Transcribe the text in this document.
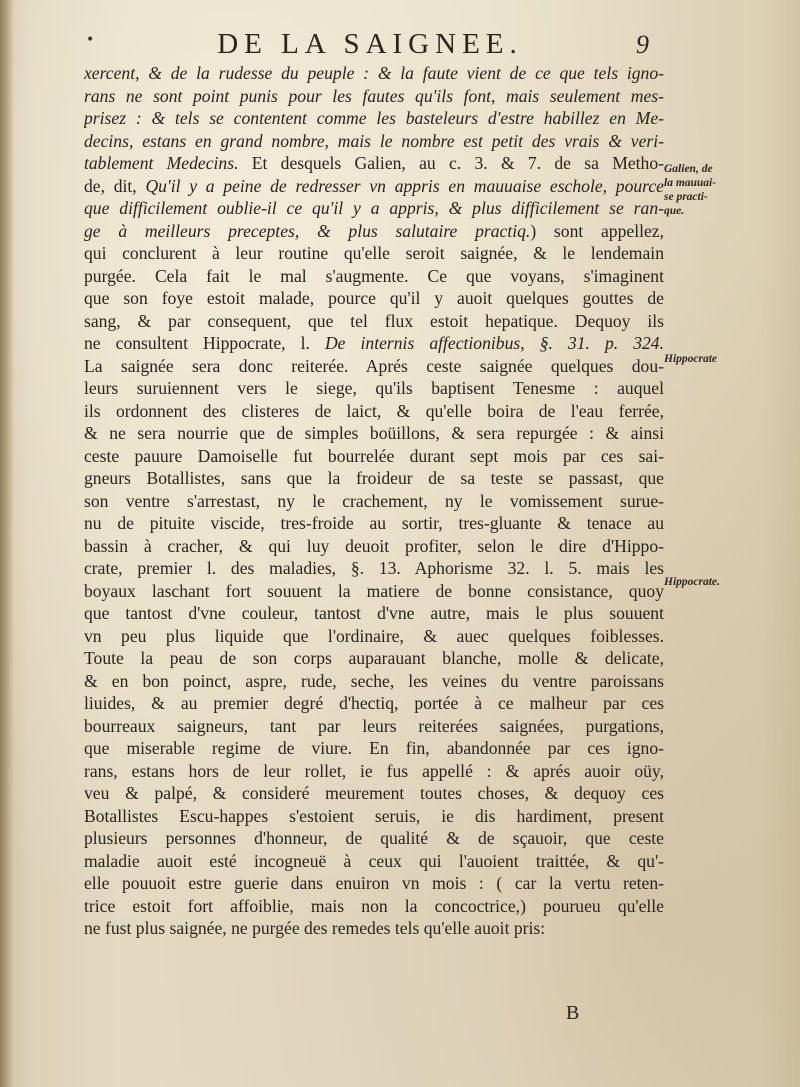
•	DE LA SAIGNEE.	9
xercent, & de la rudesse du peuple : & la faute vient de ce que tels igno-
rans ne sont point punis pour les fautes qu'ils font, mais seulement mes-
prisez : & tels se contentent comme les basteleurs d'estre habillez en Me-
decins, estans en grand nombre, mais le nombre est petit des vrais & veri-
tablement Medecins. Et desquels Galien, au c. 3. & 7. de sa Metho-
de, dit, Qu'il y a peine de redresser vn appris en mauuaise eschole, pource
que difficilement oublie-il ce qu'il y a appris, & plus difficilement se ran-
ge à meilleurs preceptes, & plus salutaire practiq.) sont appellez,
qui conclurent à leur routine qu'elle seroit saignée, & le lendemain
purgée. Cela fait le mal s'augmente. Ce que voyans, s'imaginent
que son foye estoit malade, pource qu'il y auoit quelques gouttes de
sang, & par consequent, que tel flux estoit hepatique. Dequoy ils
ne consultent Hippocrate, l. De internis affectionibus, §. 31. p. 324.
La saignée sera donc reiterée. Aprés ceste saignée quelques dou-
leurs suruiennent vers le siege, qu'ils baptisent Tenesme : auquel
ils ordonnent des clisteres de laict, & qu'elle boira de l'eau ferrée,
& ne sera nourrie que de simples boüillons, & sera repurgée : & ainsi
ceste pauure Damoiselle fut bourrelée durant sept mois par ces sai-
gneurs Botallistes, sans que la froideur de sa teste se passast, que
son ventre s'arrestast, ny le crachement, ny le vomissement surue-
nu de pituite viscide, tres-froide au sortir, tres-gluante & tenace au
bassin à cracher, & qui luy deuoit profiter, selon le dire d'Hippo-
crate, premier l. des maladies, §. 13. Aphorisme 32. l. 5. mais les
boyaux laschant fort souuent la matiere de bonne consistance, quoy
que tantost d'vne couleur, tantost d'vne autre, mais le plus souuent
vn peu plus liquide que l'ordinaire, & auec quelques foiblesses.
Toute la peau de son corps auparauant blanche, molle & delicate,
& en bon poinct, aspre, rude, seche, les veines du ventre paroissans
liuides, & au premier degré d'hectiq, portée à ce malheur par ces
bourreaux saigneurs, tant par leurs reiterées saignées, purgations,
que miserable regime de viure. En fin, abandonnée par ces igno-
rans, estans hors de leur rollet, ie fus appellé : & aprés auoir oüy,
veu & palpé, & consideré meurement toutes choses, & dequoy ces
Botallistes Escu-happes s'estoient seruis, ie dis hardiment, present
plusieurs personnes d'honneur, de qualité & de sçauoir, que ceste
maladie auoit esté incogneuë à ceux qui l'auoient traittée, & qu'-
elle pouuoit estre guerie dans enuiron vn mois : ( car la vertu reten-
trice estoit fort affoiblie, mais non la concoctrice,) pourueu qu'elle
ne fust plus saignée, ne purgée des remedes tels qu'elle auoit pris:
Galien, de
la mauuai-
se practi-
que.
Hippocrate
Hippocrate.
B
